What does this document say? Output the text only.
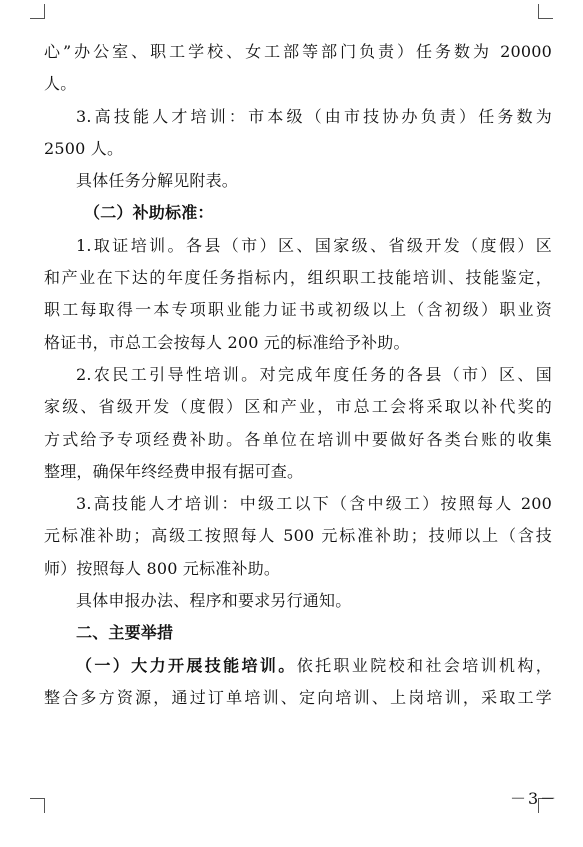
心”办公室、职工学校、女工部等部门负责）任务数为 20000
人。
3.高技能人才培训：市本级（由市技协办负责）任务数为
2500 人。
具体任务分解见附表。
（二）补助标准：
1.取证培训。各县（市）区、国家级、省级开发（度假）区
和产业在下达的年度任务指标内，组织职工技能培训、技能鉴定，
职工每取得一本专项职业能力证书或初级以上（含初级）职业资
格证书，市总工会按每人 200 元的标准给予补助。
2.农民工引导性培训。对完成年度任务的各县（市）区、国
家级、省级开发（度假）区和产业，市总工会将采取以补代奖的
方式给予专项经费补助。各单位在培训中要做好各类台账的收集
整理，确保年终经费申报有据可查。
3.高技能人才培训：中级工以下（含中级工）按照每人 200
元标准补助；高级工按照每人 500 元标准补助；技师以上（含技
师）按照每人 800 元标准补助。
具体申报办法、程序和要求另行通知。
二、主要举措
（一）大力开展技能培训。依托职业院校和社会培训机构，
整合多方资源，通过订单培训、定向培训、上岗培训，采取工学
－3－
